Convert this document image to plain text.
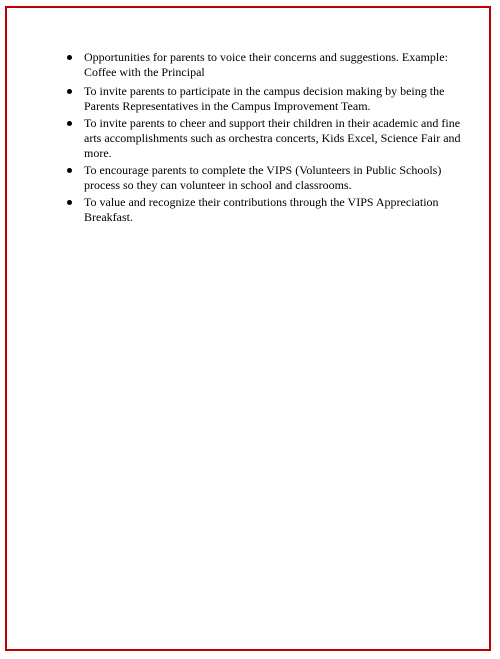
Opportunities for parents to voice their concerns and suggestions. Example: Coffee with the Principal
To invite parents to participate in the campus decision making by being the Parents Representatives in the Campus Improvement Team.
To invite parents to cheer and support their children in their academic and fine arts accomplishments such as orchestra concerts, Kids Excel, Science Fair and more.
To encourage parents to complete the VIPS (Volunteers in Public Schools) process so they can volunteer in school and classrooms.
To value and recognize their contributions through the VIPS Appreciation Breakfast.
